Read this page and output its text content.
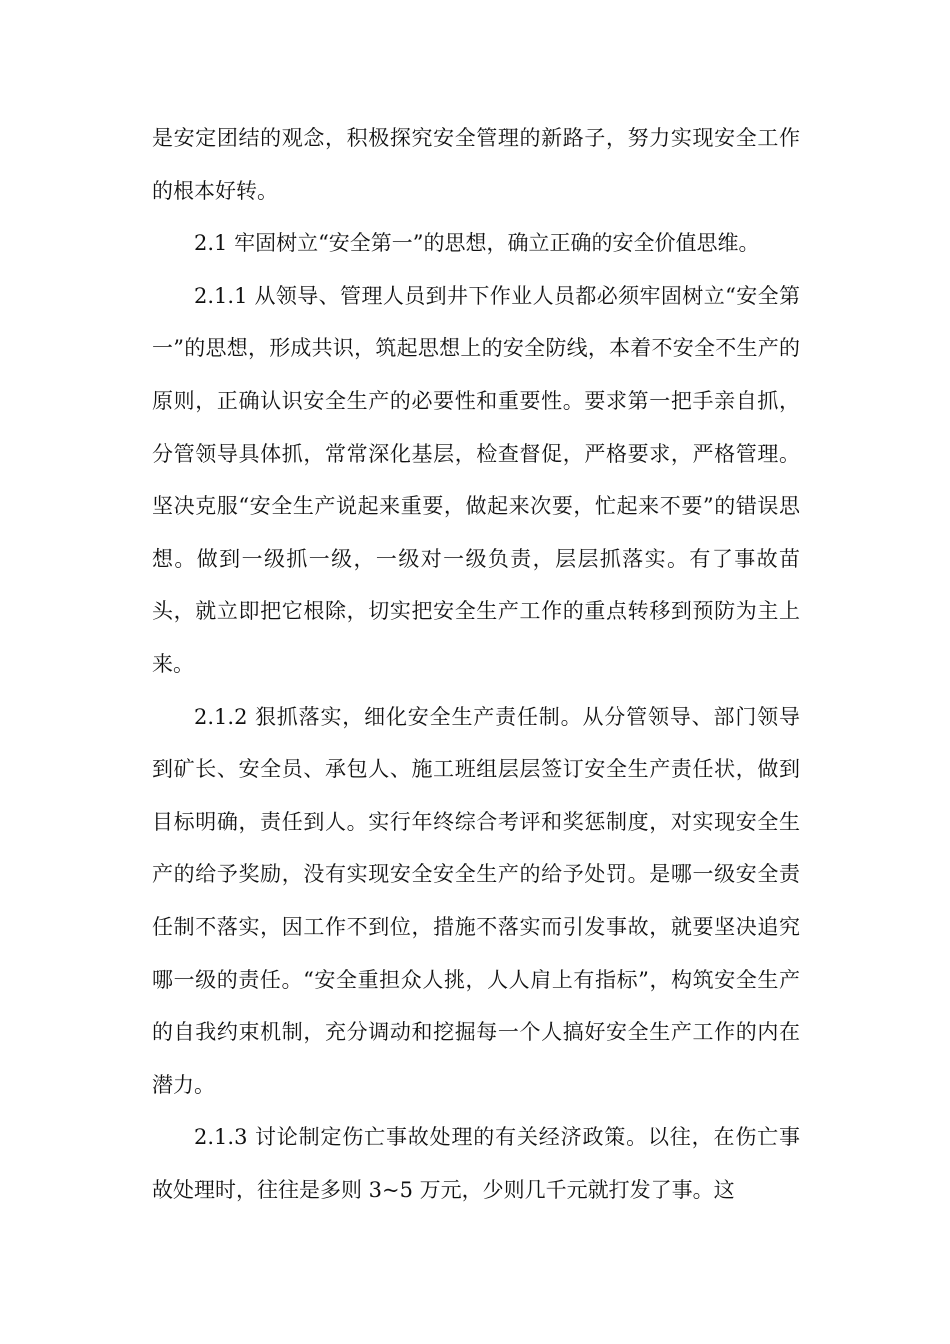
是安定团结的观念，积极探究安全管理的新路子，努力实现安全工作的根本好转。

2.1 牢固树立“安全第一”的思想，确立正确的安全价值思维。

2.1.1 从领导、管理人员到井下作业人员都必须牢固树立“安全第一”的思想，形成共识，筑起思想上的安全防线，本着不安全不生产的原则，正确认识安全生产的必要性和重要性。要求第一把手亲自抓，分管领导具体抓，常常深化基层，检查督促，严格要求，严格管理。坚决克服“安全生产说起来重要，做起来次要，忙起来不要”的错误思想。做到一级抓一级，一级对一级负责，层层抓落实。有了事故苗头，就立即把它根除，切实把安全生产工作的重点转移到预防为主上来。

2.1.2 狠抓落实，细化安全生产责任制。从分管领导、部门领导到矿长、安全员、承包人、施工班组层层签订安全生产责任状，做到目标明确，责任到人。实行年终综合考评和奖惩制度，对实现安全生产的给予奖励，没有实现安全安全生产的给予处罚。是哪一级安全责任制不落实，因工作不到位，措施不落实而引发事故，就要坚决追究哪一级的责任。“安全重担众人挑，人人肩上有指标”，构筑安全生产的自我约束机制，充分调动和挖掘每一个人搞好安全生产工作的内在潜力。

2.1.3 讨论制定伤亡事故处理的有关经济政策。以往，在伤亡事故处理时，往往是多则 3~5 万元，少则几千元就打发了事。这
